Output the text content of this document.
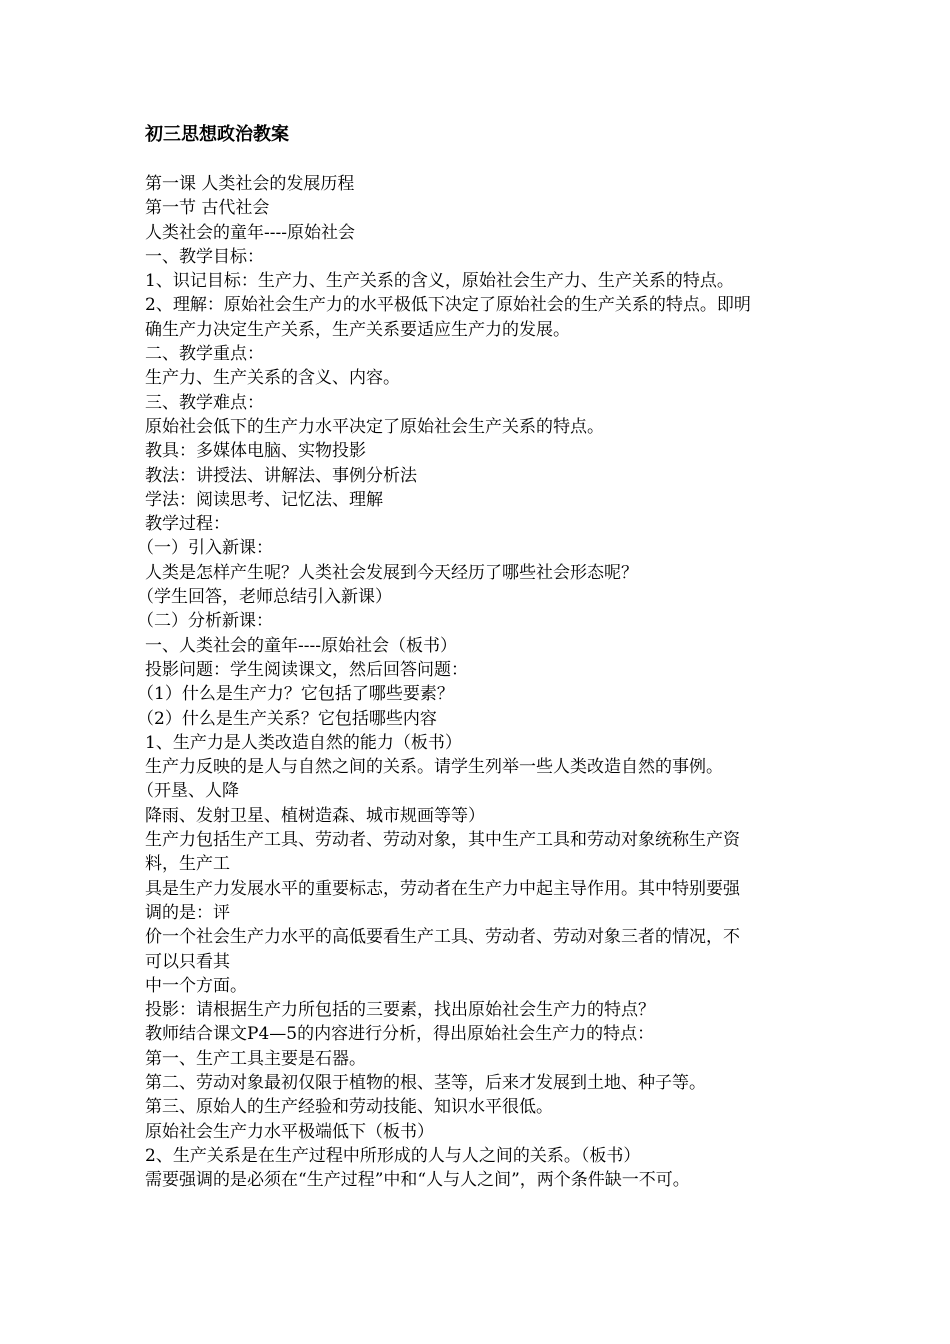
初三思想政治教案
第一课 人类社会的发展历程
第一节 古代社会
人类社会的童年----原始社会
一、教学目标：
1、识记目标：生产力、生产关系的含义，原始社会生产力、生产关系的特点。
2、理解：原始社会生产力的水平极低下决定了原始社会的生产关系的特点。即明
确生产力决定生产关系，生产关系要适应生产力的发展。
二、教学重点：
生产力、生产关系的含义、内容。
三、教学难点：
原始社会低下的生产力水平决定了原始社会生产关系的特点。
教具：多媒体电脑、实物投影
教法：讲授法、讲解法、事例分析法
学法：阅读思考、记忆法、理解
教学过程：
（一）引入新课：
人类是怎样产生呢？人类社会发展到今天经历了哪些社会形态呢？
（学生回答，老师总结引入新课）
（二）分析新课：
一、人类社会的童年----原始社会（板书）
投影问题：学生阅读课文，然后回答问题：
（1）什么是生产力？它包括了哪些要素？
（2）什么是生产关系？它包括哪些内容
1、生产力是人类改造自然的能力（板书）
生产力反映的是人与自然之间的关系。请学生列举一些人类改造自然的事例。
（开垦、人降
降雨、发射卫星、植树造森、城市规画等等）
生产力包括生产工具、劳动者、劳动对象，其中生产工具和劳动对象统称生产资
料，生产工
具是生产力发展水平的重要标志，劳动者在生产力中起主导作用。其中特别要强
调的是：评
价一个社会生产力水平的高低要看生产工具、劳动者、劳动对象三者的情况，不
可以只看其
中一个方面。
投影：请根据生产力所包括的三要素，找出原始社会生产力的特点？
教师结合课文P4—5的内容进行分析，得出原始社会生产力的特点：
第一、生产工具主要是石器。
第二、劳动对象最初仅限于植物的根、茎等，后来才发展到土地、种子等。
第三、原始人的生产经验和劳动技能、知识水平很低。
原始社会生产力水平极端低下（板书）
2、生产关系是在生产过程中所形成的人与人之间的关系。（板书）
需要强调的是必须在“生产过程”中和“人与人之间”，两个条件缺一不可。
